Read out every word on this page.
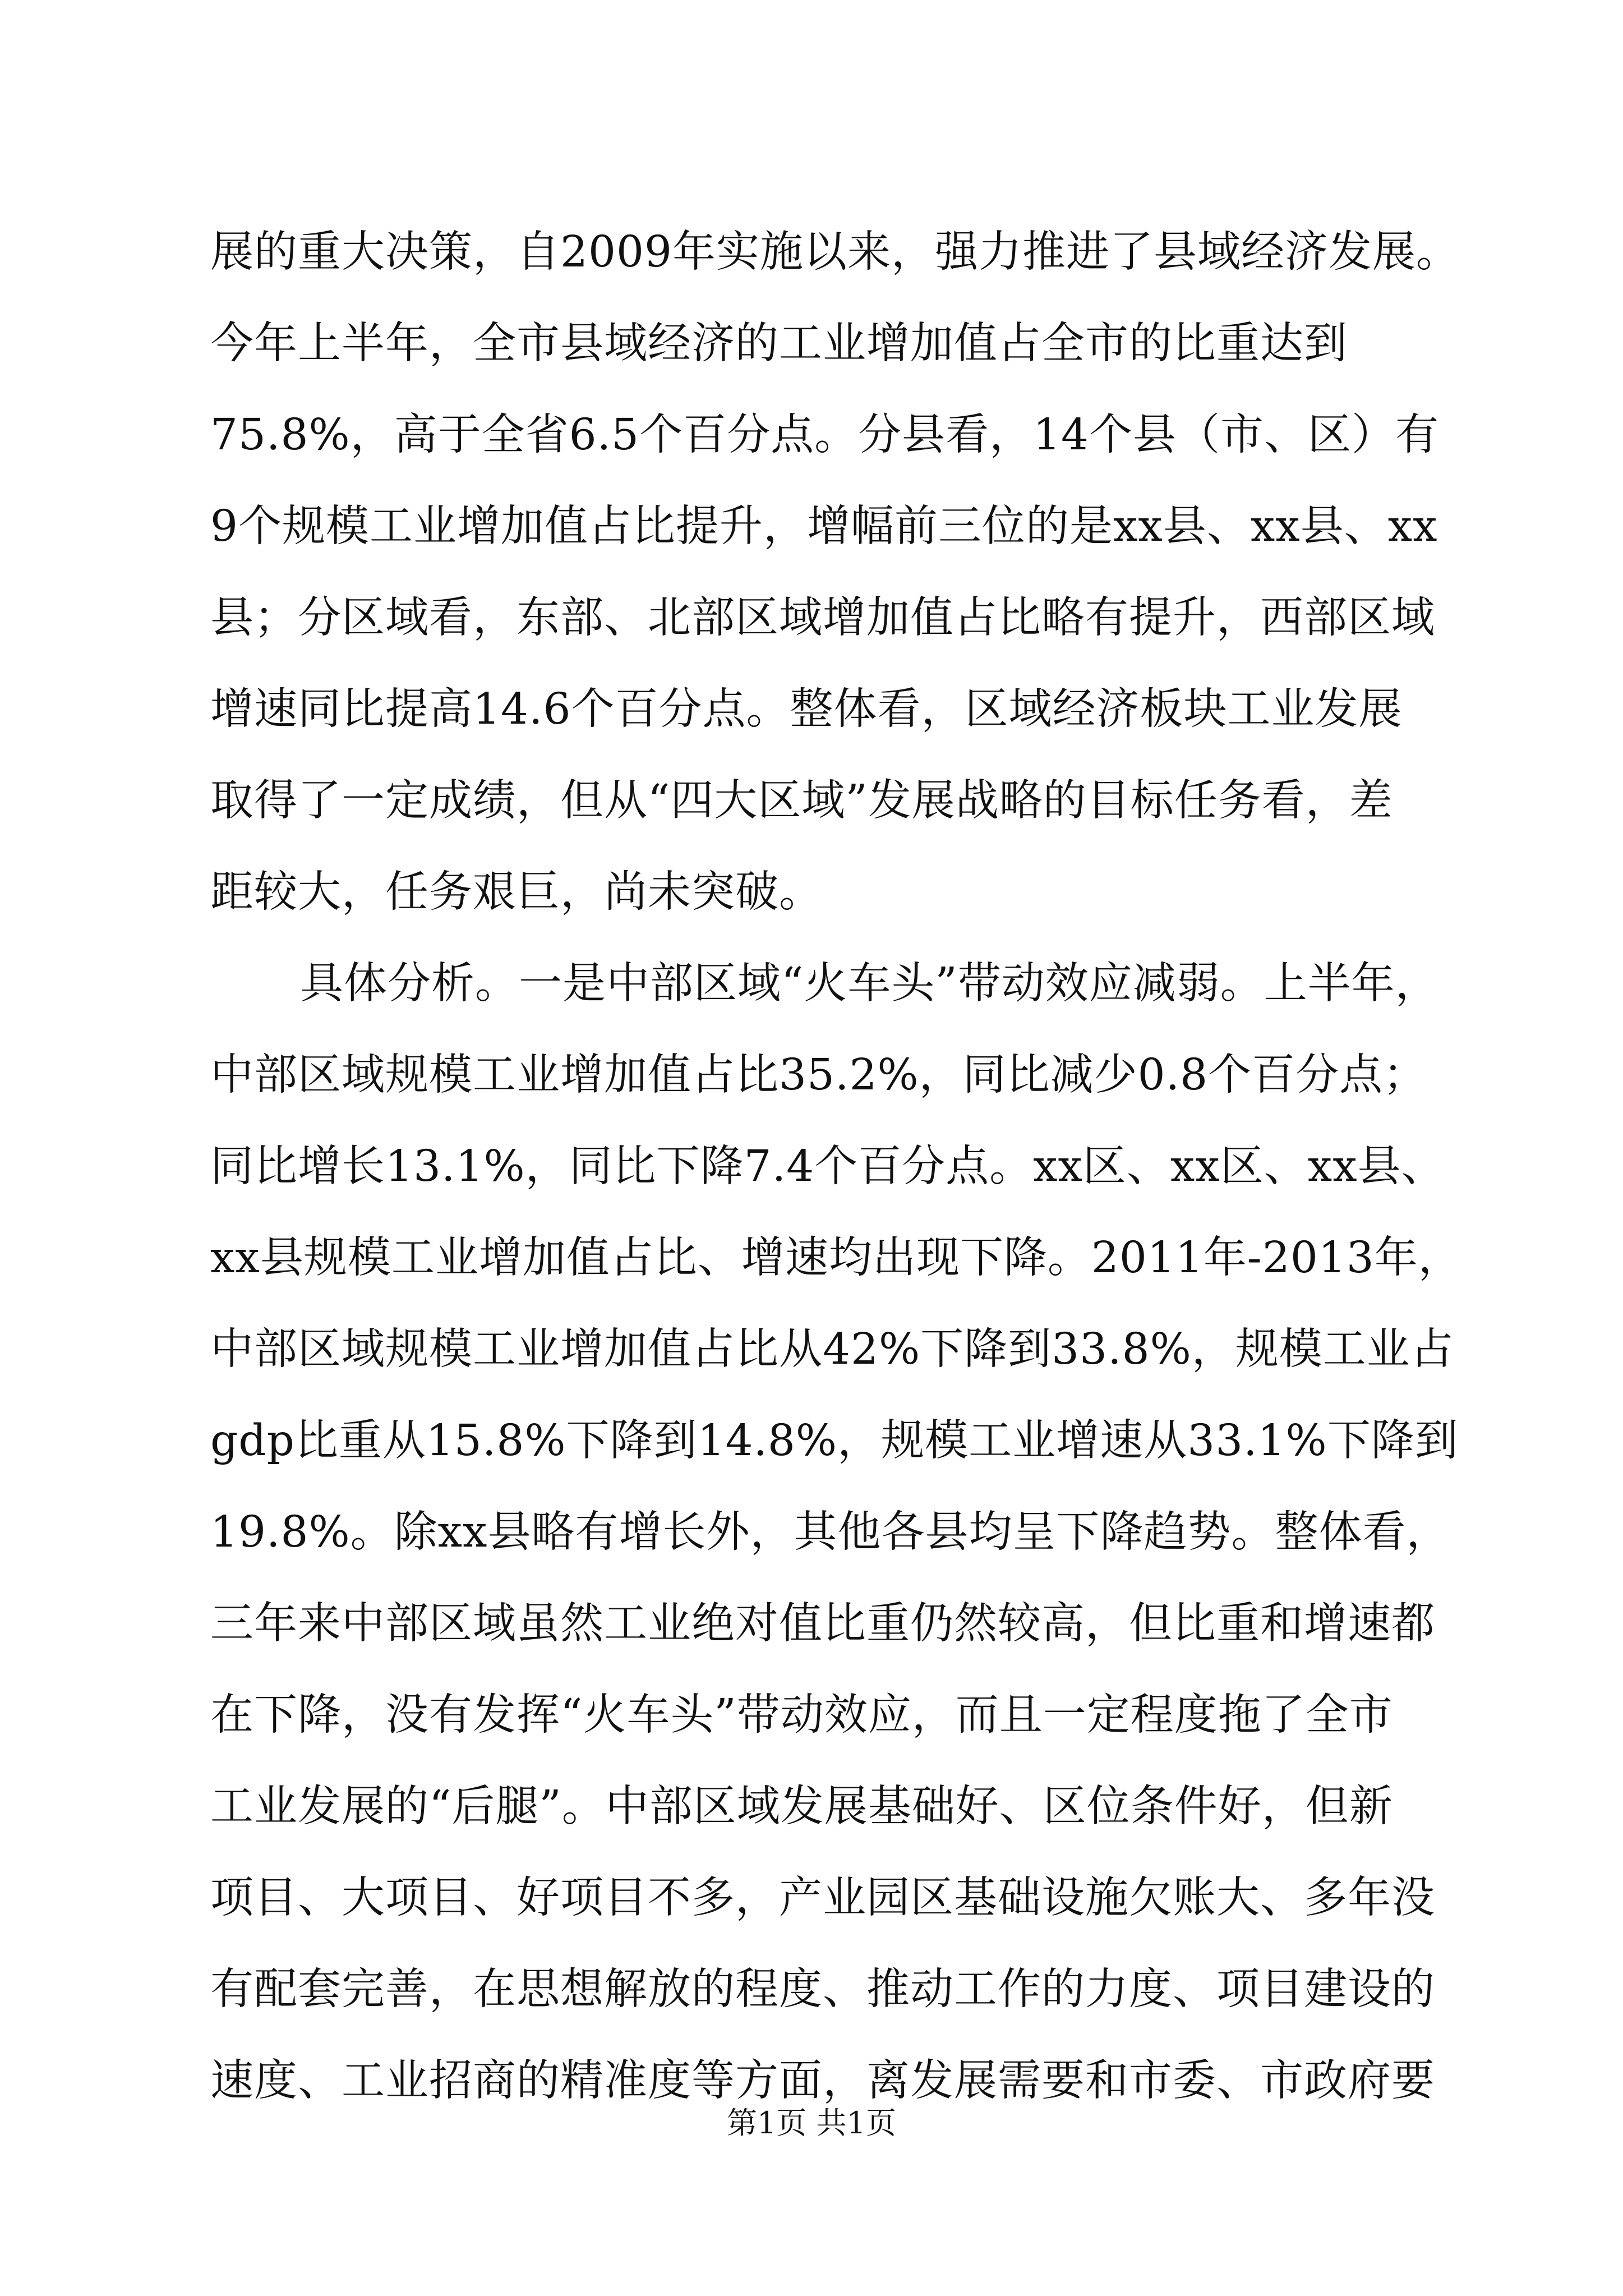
展的重大决策，自2009年实施以来，强力推进了县域经济发展。
今年上半年，全市县域经济的工业增加值占全市的比重达到
75.8%，高于全省6.5个百分点。分县看，14个县（市、区）有
9个规模工业增加值占比提升，增幅前三位的是xx县、xx县、xx
县；分区域看，东部、北部区域增加值占比略有提升，西部区域
增速同比提高14.6个百分点。整体看，区域经济板块工业发展
取得了一定成绩，但从“四大区域”发展战略的目标任务看，差
距较大，任务艰巨，尚未突破。
具体分析。一是中部区域“火车头”带动效应减弱。上半年，
中部区域规模工业增加值占比35.2%，同比减少0.8个百分点；
同比增长13.1%，同比下降7.4个百分点。xx区、xx区、xx县、
xx县规模工业增加值占比、增速均出现下降。2011年-2013年，
中部区域规模工业增加值占比从42%下降到33.8%，规模工业占
gdp比重从15.8%下降到14.8%，规模工业增速从33.1%下降到
19.8%。除xx县略有增长外，其他各县均呈下降趋势。整体看，
三年来中部区域虽然工业绝对值比重仍然较高，但比重和增速都
在下降，没有发挥“火车头”带动效应，而且一定程度拖了全市
工业发展的“后腿”。中部区域发展基础好、区位条件好，但新
项目、大项目、好项目不多，产业园区基础设施欠账大、多年没
有配套完善，在思想解放的程度、推动工作的力度、项目建设的
速度、工业招商的精准度等方面，离发展需要和市委、市政府要
第1页 共1页
